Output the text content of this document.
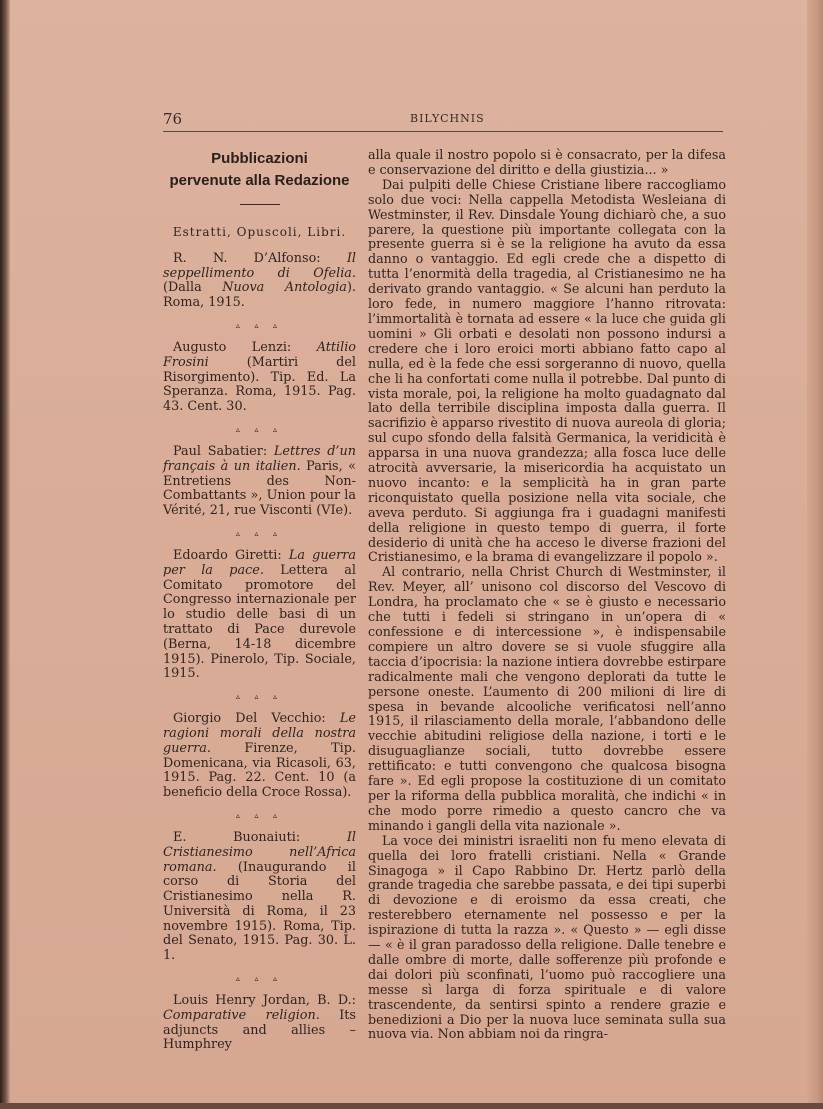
76	BILYCHNIS

Pubblicazioni
pervenute alla Redazione

Estratti, Opuscoli, Libri.

R. N. D’Alfonso: Il seppellimento di Ofelia. (Dalla Nuova Antologia). Roma, 1915.

▵ ▵ ▵

Augusto Lenzi: Attilio Frosini (Martiri del Risorgimento). Tip. Ed. La Speranza. Roma, 1915. Pag. 43. Cent. 30.

▵ ▵ ▵

Paul Sabatier: Lettres d’un français à un italien. Paris, « Entretiens des Non-Combattants », Union pour la Vérité, 21, rue Visconti (VIe).

▵ ▵ ▵

Edoardo Giretti: La guerra per la pace. Lettera al Comitato promotore del Congresso internazionale per lo studio delle basi di un trattato di Pace durevole (Berna, 14-18 dicembre 1915). Pinerolo, Tip. Sociale, 1915.

▵ ▵ ▵

Giorgio Del Vecchio: Le ragioni morali della nostra guerra. Firenze, Tip. Domenicana, via Ricasoli, 63, 1915. Pag. 22. Cent. 10 (a beneficio della Croce Rossa).

▵ ▵ ▵

E. Buonaiuti: Il Cristianesimo nell’Africa romana. (Inaugurando il corso di Storia del Cristianesimo nella R. Università di Roma, il 23 novembre 1915). Roma, Tip. del Senato, 1915. Pag. 30. L. 1.

▵ ▵ ▵

Louis Henry Jordan, B. D.: Comparative religion. Its adjuncts and allies – Humphrey

alla quale il nostro popolo si è consacrato, per la difesa e conservazione del diritto e della giustizia... »

Dai pulpiti delle Chiese Cristiane libere raccogliamo solo due voci: Nella cappella Metodista Wesleiana di Westminster, il Rev. Dinsdale Young dichiarò che, a suo parere, la questione più importante collegata con la presente guerra si è se la religione ha avuto da essa danno o vantaggio. Ed egli crede che a dispetto di tutta l’enormità della tragedia, al Cristianesimo ne ha derivato grando vantaggio. « Se alcuni han perduto la loro fede, in numero maggiore l’hanno ritrovata: l’immortalità è tornata ad essere « la luce che guida gli uomini » Gli orbati e desolati non possono indursi a credere che i loro eroici morti abbiano fatto capo al nulla, ed è la fede che essi sorgeranno di nuovo, quella che li ha confortati come nulla il potrebbe. Dal punto di vista morale, poi, la religione ha molto guadagnato dal lato della terribile disciplina imposta dalla guerra. Il sacrifizio è apparso rivestito di nuova aureola di gloria; sul cupo sfondo della falsità Germanica, la veridicità è apparsa in una nuova grandezza; alla fosca luce delle atrocità avversarie, la misericordia ha acquistato un nuovo incanto: e la semplicità ha in gran parte riconquistato quella posizione nella vita sociale, che aveva perduto. Si aggiunga fra i guadagni manifesti della religione in questo tempo di guerra, il forte desiderio di unità che ha acceso le diverse frazioni del Cristianesimo, e la brama di evangelizzare il popolo ».

Al contrario, nella Christ Church di Westminster, il Rev. Meyer, all’ unisono col discorso del Vescovo di Londra, ha proclamato che « se è giusto e necessario che tutti i fedeli si stringano in un’opera di « confessione e di intercessione », è indispensabile compiere un altro dovere se si vuole sfuggire alla taccia d’ipocrisia: la nazione intiera dovrebbe estirpare radicalmente mali che vengono deplorati da tutte le persone oneste. L’aumento di 200 milioni di lire di spesa in bevande alcooliche verificatosi nell’anno 1915, il rilasciamento della morale, l’abbandono delle vecchie abitudini religiose della nazione, i torti e le disuguaglianze sociali, tutto dovrebbe essere rettificato: e tutti convengono che qualcosa bisogna fare ». Ed egli propose la costituzione di un comitato per la riforma della pubblica moralità, che indichi « in che modo porre rimedio a questo cancro che va minando i gangli della vita nazionale ».

La voce dei ministri israeliti non fu meno elevata di quella dei loro fratelli cristiani. Nella « Grande Sinagoga » il Capo Rabbino Dr. Hertz parlò della grande tragedia che sarebbe passata, e dei tipi superbi di devozione e di eroismo da essa creati, che resterebbero eternamente nel possesso e per la ispirazione di tutta la razza ». « Questo » — egli disse — « è il gran paradosso della religione. Dalle tenebre e dalle ombre di morte, dalle sofferenze più profonde e dai dolori più sconfinati, l’uomo può raccogliere una messe sì larga di forza spirituale e di valore trascendente, da sentirsi spinto a rendere grazie e benedizioni a Dio per la nuova luce seminata sulla sua nuova via. Non abbiam noi da ringra-
